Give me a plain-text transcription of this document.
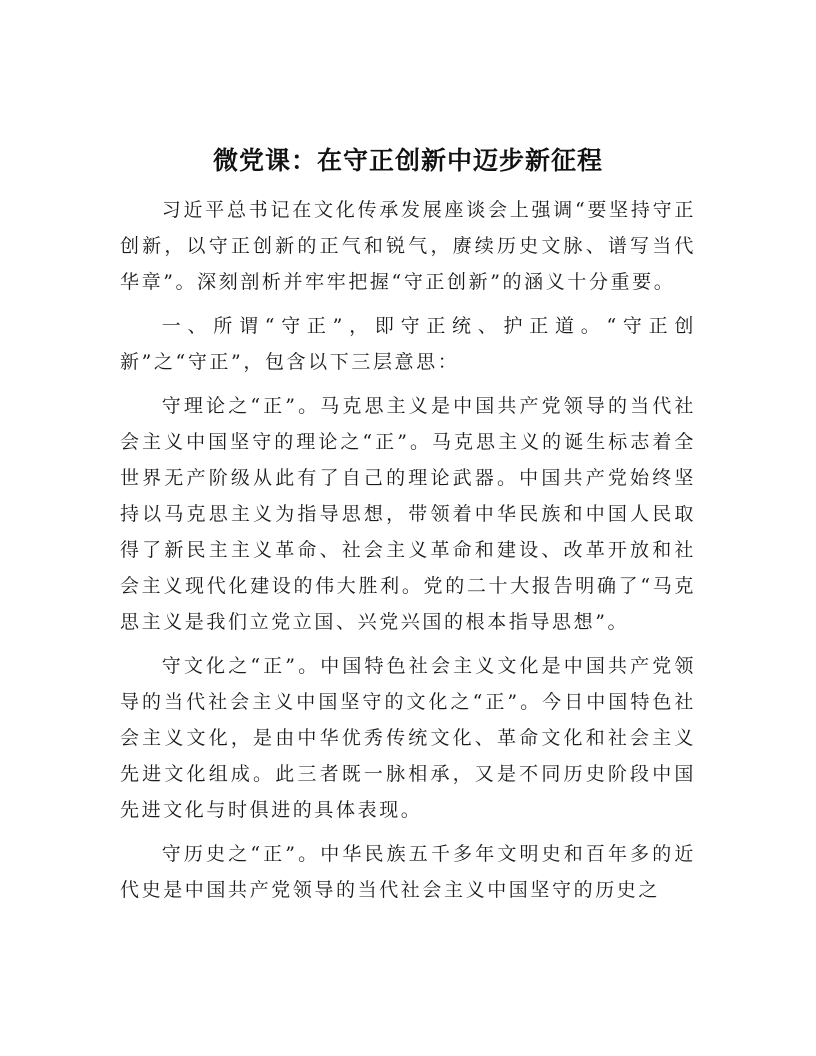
微党课：在守正创新中迈步新征程

习近平总书记在文化传承发展座谈会上强调“要坚持守正创新，以守正创新的正气和锐气，赓续历史文脉、谱写当代华章”。深刻剖析并牢牢把握“守正创新”的涵义十分重要。

一、所谓“守正”，即守正统、护正道。“守正创新”之“守正”，包含以下三层意思：

守理论之“正”。马克思主义是中国共产党领导的当代社会主义中国坚守的理论之“正”。马克思主义的诞生标志着全世界无产阶级从此有了自己的理论武器。中国共产党始终坚持以马克思主义为指导思想，带领着中华民族和中国人民取得了新民主主义革命、社会主义革命和建设、改革开放和社会主义现代化建设的伟大胜利。党的二十大报告明确了“马克思主义是我们立党立国、兴党兴国的根本指导思想”。

守文化之“正”。中国特色社会主义文化是中国共产党领导的当代社会主义中国坚守的文化之“正”。今日中国特色社会主义文化，是由中华优秀传统文化、革命文化和社会主义先进文化组成。此三者既一脉相承，又是不同历史阶段中国先进文化与时俱进的具体表现。

守历史之“正”。中华民族五千多年文明史和百年多的近代史是中国共产党领导的当代社会主义中国坚守的历史之
